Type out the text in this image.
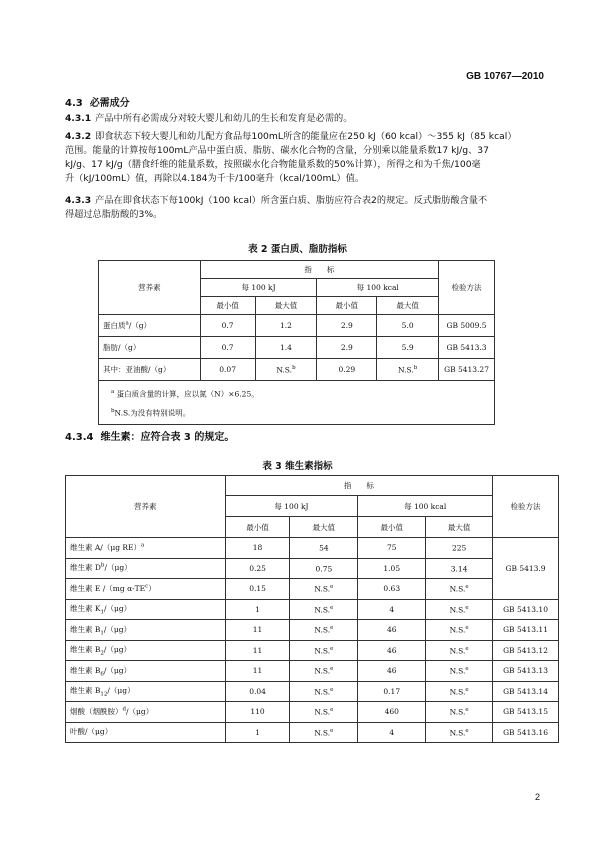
GB 10767—2010
4.3 必需成分
4.3.1 产品中所有必需成分对较大婴儿和幼儿的生长和发育是必需的。
4.3.2 即食状态下较大婴儿和幼儿配方食品每100mL所含的能量应在250 kJ（60 kcal）～355 kJ（85 kcal）
范围。能量的计算按每100mL产品中蛋白质、脂肪、碳水化合物的含量，分别乘以能量系数17 kJ/g、37
kJ/g、17 kJ/g（膳食纤维的能量系数，按照碳水化合物能量系数的50%计算），所得之和为千焦/100毫
升（kJ/100mL）值，再除以4.184为千卡/100毫升（kcal/100mL）值。
4.3.3 产品在即食状态下每100kJ（100 kcal）所含蛋白质、脂肪应符合表2的规定。反式脂肪酸含量不
得超过总脂肪酸的3%。
表 2 蛋白质、脂肪指标
营养素	指　　标				检验方法
	每 100 kJ		每 100 kcal		
	最小值	最大值	最小值	最大值	
蛋白质$^a$/（g）	0.7	1.2	2.9	5.0	GB 5009.5
脂肪/（g）	0.7	1.4	2.9	5.9	GB 5413.3
其中：亚油酸/（g）	0.07	N.S.$^b$	0.29	N.S.$^b$	GB 5413.27

$^a$ 蛋白质含量的计算，应以氮（N）×6.25。
$^b$N.S.为没有特别说明。					
4.3.4 维生素：应符合表 3 的规定。
表 3 维生素指标
营养素	指　　标				检验方法
	每 100 kJ		每 100 kcal		
	最小值	最大值	最小值	最大值	
维生素 A/（μg RE）$^a$	18	54	75	225	GB 5413.9
维生素 $D^b/(\mu g)$	0.25	0.75	1.05	3.14	
维生素 E /（mg $\alpha-TE^c$）	0.15	N.S.$^e$	0.63	N.S.$^e$
维生素 $K_1/(\mu g)$	1	N.S.$^e$	4	N.S.$^e$	GB 5413.10
维生素 $B_1/(\mu g)$	11	N.S.$^e$	46	N.S.$^e$	GB 5413.11
维生素 $B_2/(\mu g)$	11	N.S.$^e$	46	N.S.$^e$	GB 5413.12
维生素 $B_6/(\mu g)$	11	N.S.$^e$	46	N.S.$^e$	GB 5413.13
维生素 $B_{12}/(\mu g)$	0.04	N.S.$^e$	0.17	N.S.$^e$	GB 5413.14
烟酸（烟酰胺）$^d$/（μg）	110	N.S.$^e$	460	N.S.$^e$	GB 5413.15
叶酸/（μg）	1	N.S.$^e$	4	N.S.$^e$	GB 5413.16
2
